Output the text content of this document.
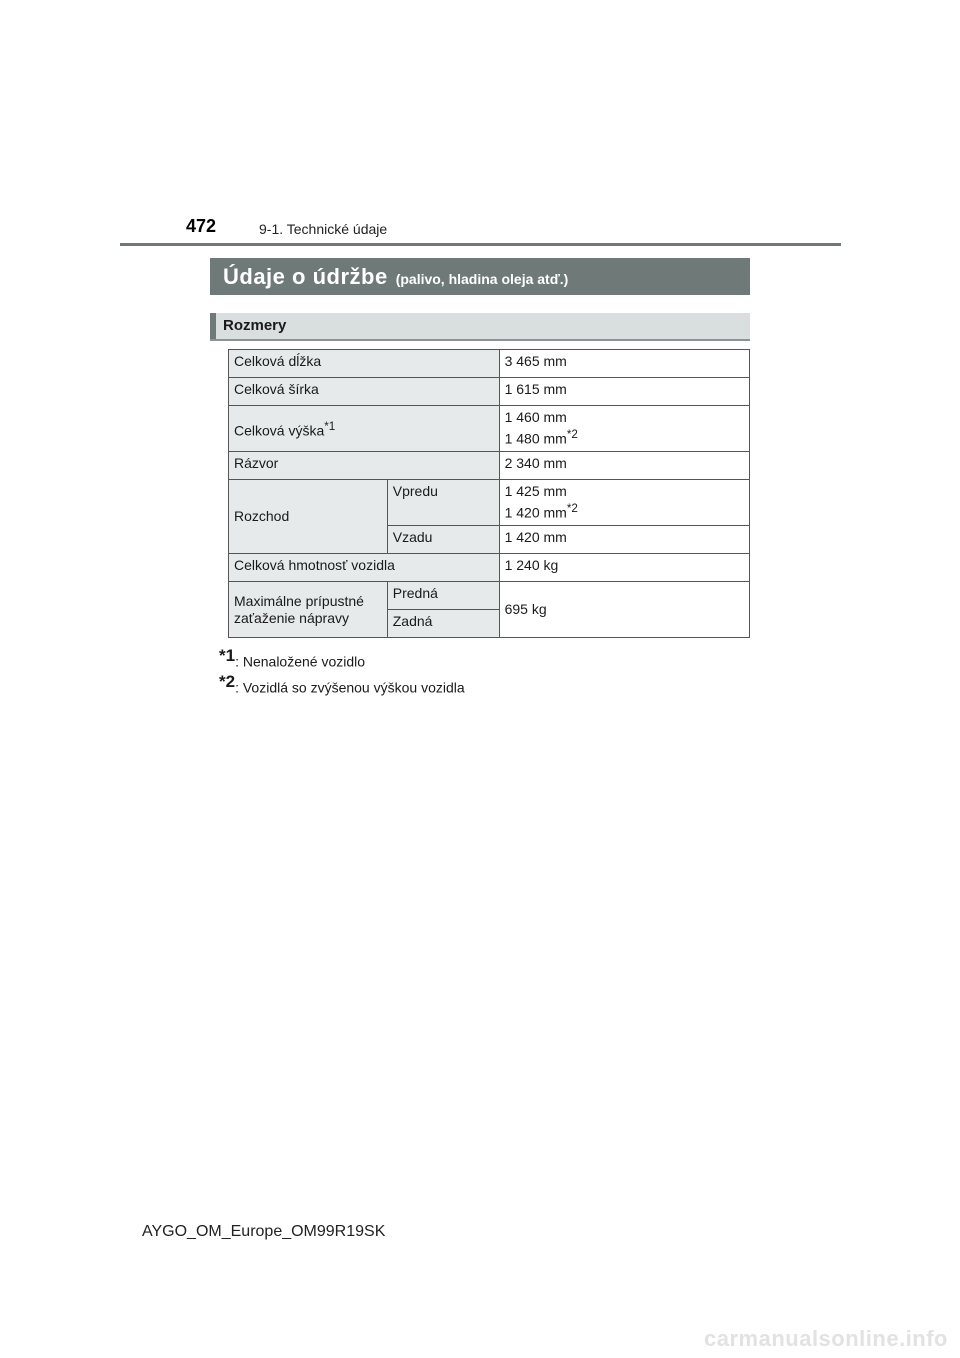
472	9-1. Technické údaje
Údaje o údržbe (palivo, hladina oleja atď.)
Rozmery
Celková dĺžka		3 465 mm
Celková šírka		1 615 mm
Celková výška$^{*1}$		1 460 mm
1 480 $mm^{*2}$

Rázvor		2 340 mm
Rozchod	Vpredu	1 425 mm
1 420 $mm^{*2}$

	Vzadu	1 420 mm
Celková hmotnosť vozidla		1 240 kg

Maximálne prípustné
zaťaženie nápravy	Predná	695 kg
	Zadná	
$^{*1}$: Nenaložené vozidlo
$^{*2}$: Vozidlá so zvýšenou výškou vozidla
AYGO_OM_Europe_OM99R19SK
carmanualsonline.info
